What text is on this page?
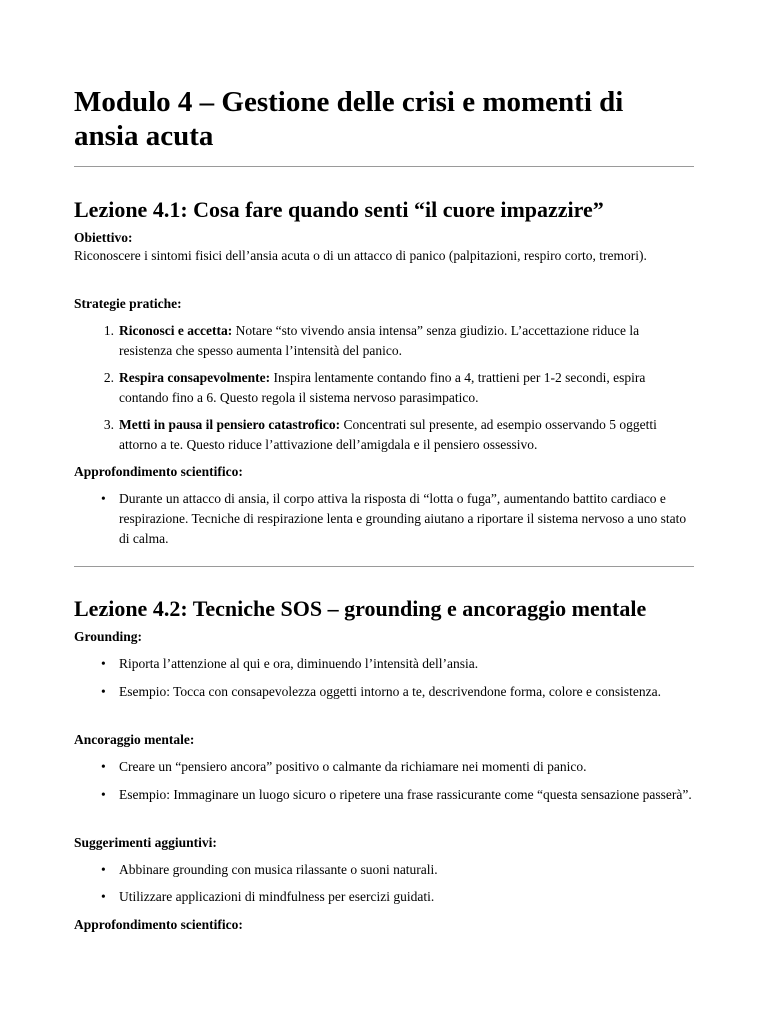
Modulo 4 – Gestione delle crisi e momenti di ansia acuta
Lezione 4.1: Cosa fare quando senti “il cuore impazzire”
Obiettivo:
Riconoscere i sintomi fisici dell’ansia acuta o di un attacco di panico (palpitazioni, respiro corto, tremori).
Strategie pratiche:
1. Riconosci e accetta: Notare “sto vivendo ansia intensa” senza giudizio. L’accettazione riduce la resistenza che spesso aumenta l’intensità del panico.
2. Respira consapevolmente: Inspira lentamente contando fino a 4, trattieni per 1-2 secondi, espira contando fino a 6. Questo regola il sistema nervoso parasimpatico.
3. Metti in pausa il pensiero catastrofico: Concentrati sul presente, ad esempio osservando 5 oggetti attorno a te. Questo riduce l’attivazione dell’amigdala e il pensiero ossessivo.
Approfondimento scientifico:
• Durante un attacco di ansia, il corpo attiva la risposta di “lotta o fuga”, aumentando battito cardiaco e respirazione. Tecniche di respirazione lenta e grounding aiutano a riportare il sistema nervoso a uno stato di calma.
Lezione 4.2: Tecniche SOS – grounding e ancoraggio mentale
Grounding:
• Riporta l’attenzione al qui e ora, diminuendo l’intensità dell’ansia.
• Esempio: Tocca con consapevolezza oggetti intorno a te, descrivendone forma, colore e consistenza.
Ancoraggio mentale:
• Creare un “pensiero ancora” positivo o calmante da richiamare nei momenti di panico.
• Esempio: Immaginare un luogo sicuro o ripetere una frase rassicurante come “questa sensazione passerà”.
Suggerimenti aggiuntivi:
• Abbinare grounding con musica rilassante o suoni naturali.
• Utilizzare applicazioni di mindfulness per esercizi guidati.
Approfondimento scientifico:
